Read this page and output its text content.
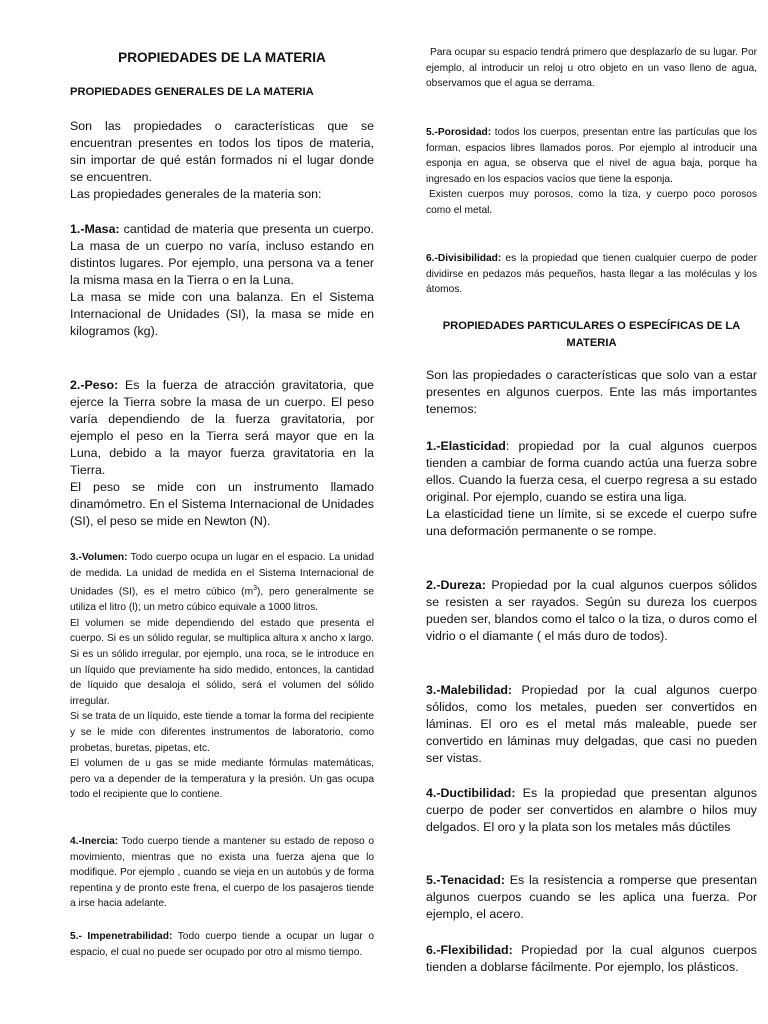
PROPIEDADES DE LA MATERIA
PROPIEDADES GENERALES DE LA MATERIA

Son las propiedades o características que se encuentran presentes en todos los tipos de materia, sin importar de qué están formados ni el lugar donde se encuentren.
Las propiedades generales de la materia son:

1.-Masa: cantidad de materia que presenta un cuerpo. La masa de un cuerpo no varía, incluso estando en distintos lugares. Por ejemplo, una persona va a tener la misma masa en la Tierra o en la Luna.
La masa se mide con una balanza. En el Sistema Internacional de Unidades (SI), la masa se mide en kilogramos (kg).

2.-Peso: Es la fuerza de atracción gravitatoria, que ejerce la Tierra sobre la masa de un cuerpo. El peso varía dependiendo de la fuerza gravitatoria, por ejemplo el peso en la Tierra será mayor que en la Luna, debido a la mayor fuerza gravitatoria en la Tierra.
El peso se mide con un instrumento llamado dinamómetro. En el Sistema Internacional de Unidades (SI), el peso se mide en Newton (N).

3.-Volumen: Todo cuerpo ocupa un lugar en el espacio. La unidad de medida. La unidad de medida en el Sistema Internacional de Unidades (SI), es el metro cúbico $(m^3)$, pero generalmente se utiliza el litro (l); un metro cúbico equivale a 1000 litros.
El volumen se mide dependiendo del estado que presenta el cuerpo. Si es un sólido regular, se multiplica altura x ancho x largo. Si es un sólido irregular, por ejemplo, una roca, se le introduce en un líquido que previamente ha sido medido, entonces, la cantidad de líquido que desaloja el sólido, será el volumen del sólido irregular.
Si se trata de un líquido, este tiende a tomar la forma del recipiente y se le mide con diferentes instrumentos de laboratorio, como probetas, buretas, pipetas, etc.
El volumen de u gas se mide mediante fórmulas matemáticas, pero va a depender de la temperatura y la presión. Un gas ocupa todo el recipiente que lo contiene.

4.-Inercia: Todo cuerpo tiende a mantener su estado de reposo o movimiento, mientras que no exista una fuerza ajena que lo modifique. Por ejemplo , cuando se vieja en un autobús y de forma repentina y de pronto este frena, el cuerpo de los pasajeros tiende a irse hacia adelante.

5.- Impenetrabilidad: Todo cuerpo tiende a ocupar un lugar o espacio, el cual no puede ser ocupado por otro al mismo tiempo.

Para ocupar su espacio tendrá primero que desplazarlo de su lugar. Por ejemplo, al introducir un reloj u otro objeto en un vaso lleno de agua, observamos que el agua se derrama.

5.-Porosidad: todos los cuerpos, presentan entre las partículas que los forman, espacios libres llamados poros. Por ejemplo al introducir una esponja en agua, se observa que el nivel de agua baja, porque ha ingresado en los espacios vacíos que tiene la esponja.
Existen cuerpos muy porosos, como la tiza, y cuerpo poco porosos como el metal.

6.-Divisibilidad: es la propiedad que tienen cualquier cuerpo de poder dividirse en pedazos más pequeños, hasta llegar a las moléculas y los átomos.

PROPIEDADES PARTICULARES O ESPECÍFICAS DE LA MATERIA

Son las propiedades o características que solo van a estar presentes en algunos cuerpos. Ente las más importantes tenemos:

1.-Elasticidad: propiedad por la cual algunos cuerpos tienden a cambiar de forma cuando actúa una fuerza sobre ellos. Cuando la fuerza cesa, el cuerpo regresa a su estado original. Por ejemplo, cuando se estira una liga.
La elasticidad tiene un límite, si se excede el cuerpo sufre una deformación permanente o se rompe.

2.-Dureza: Propiedad por la cual algunos cuerpos sólidos se resisten a ser rayados. Según su dureza los cuerpos pueden ser, blandos como el talco o la tiza, o duros como el vidrio o el diamante ( el más duro de todos).

3.-Malebilidad: Propiedad por la cual algunos cuerpo sólidos, como los metales, pueden ser convertidos en láminas. El oro es el metal más maleable, puede ser convertido en láminas muy delgadas, que casi no pueden ser vistas.

4.-Ductibilidad: Es la propiedad que presentan algunos cuerpo de poder ser convertidos en alambre o hilos muy delgados. El oro y la plata son los metales más dúctiles

5.-Tenacidad: Es la resistencia a romperse que presentan algunos cuerpos cuando se les aplica una fuerza. Por ejemplo, el acero.

6.-Flexibilidad: Propiedad por la cual algunos cuerpos tienden a doblarse fácilmente. Por ejemplo, los plásticos.
